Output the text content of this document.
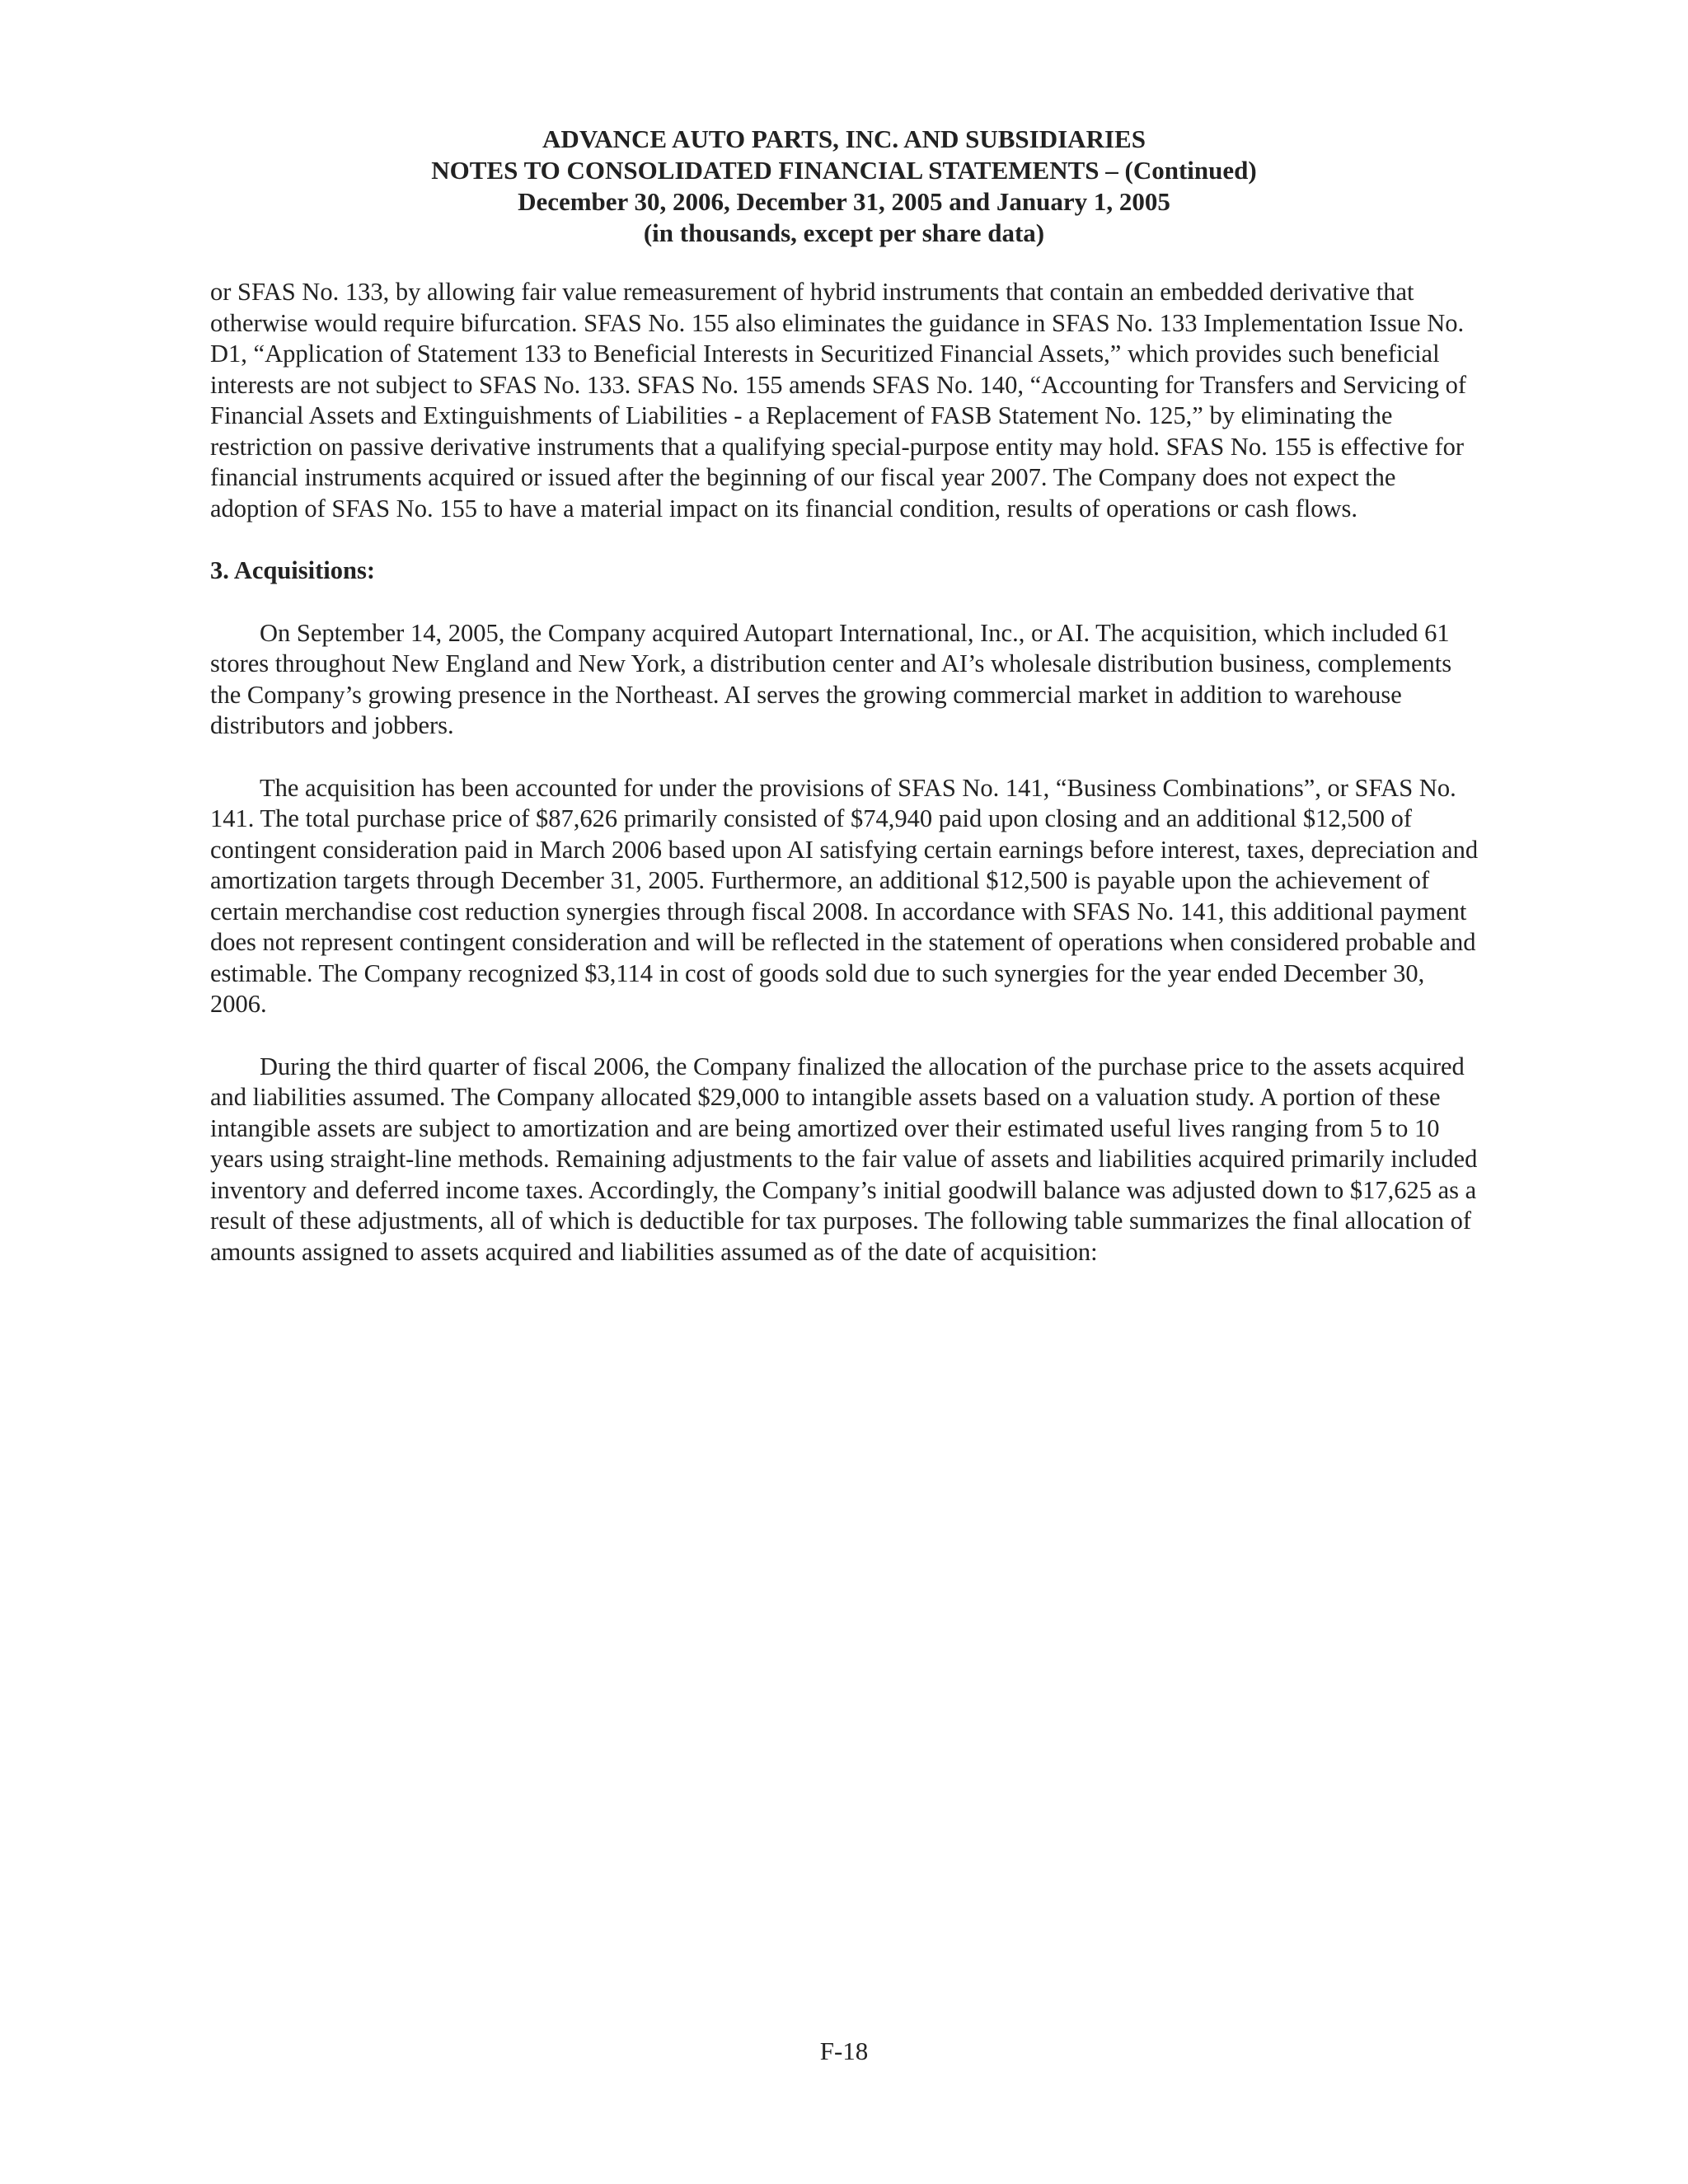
ADVANCE AUTO PARTS, INC. AND SUBSIDIARIES
NOTES TO CONSOLIDATED FINANCIAL STATEMENTS – (Continued)
December 30, 2006, December 31, 2005 and January 1, 2005
(in thousands, except per share data)

or SFAS No. 133, by allowing fair value remeasurement of hybrid instruments that contain an embedded derivative that otherwise would require bifurcation. SFAS No. 155 also eliminates the guidance in SFAS No. 133 Implementation Issue No. D1, “Application of Statement 133 to Beneficial Interests in Securitized Financial Assets,” which provides such beneficial interests are not subject to SFAS No. 133. SFAS No. 155 amends SFAS No. 140, “Accounting for Transfers and Servicing of Financial Assets and Extinguishments of Liabilities - a Replacement of FASB Statement No. 125,” by eliminating the restriction on passive derivative instruments that a qualifying special-purpose entity may hold. SFAS No. 155 is effective for financial instruments acquired or issued after the beginning of our fiscal year 2007. The Company does not expect the adoption of SFAS No. 155 to have a material impact on its financial condition, results of operations or cash flows.

3. Acquisitions:

On September 14, 2005, the Company acquired Autopart International, Inc., or AI. The acquisition, which included 61 stores throughout New England and New York, a distribution center and AI’s wholesale distribution business, complements the Company’s growing presence in the Northeast. AI serves the growing commercial market in addition to warehouse distributors and jobbers.

The acquisition has been accounted for under the provisions of SFAS No. 141, “Business Combinations”, or SFAS No. 141. The total purchase price of $87,626 primarily consisted of $74,940 paid upon closing and an additional $12,500 of contingent consideration paid in March 2006 based upon AI satisfying certain earnings before interest, taxes, depreciation and amortization targets through December 31, 2005. Furthermore, an additional $12,500 is payable upon the achievement of certain merchandise cost reduction synergies through fiscal 2008. In accordance with SFAS No. 141, this additional payment does not represent contingent consideration and will be reflected in the statement of operations when considered probable and estimable. The Company recognized $3,114 in cost of goods sold due to such synergies for the year ended December 30, 2006.

During the third quarter of fiscal 2006, the Company finalized the allocation of the purchase price to the assets acquired and liabilities assumed. The Company allocated $29,000 to intangible assets based on a valuation study. A portion of these intangible assets are subject to amortization and are being amortized over their estimated useful lives ranging from 5 to 10 years using straight-line methods. Remaining adjustments to the fair value of assets and liabilities acquired primarily included inventory and deferred income taxes. Accordingly, the Company’s initial goodwill balance was adjusted down to $17,625 as a result of these adjustments, all of which is deductible for tax purposes. The following table summarizes the final allocation of amounts assigned to assets acquired and liabilities assumed as of the date of acquisition:

F-18
